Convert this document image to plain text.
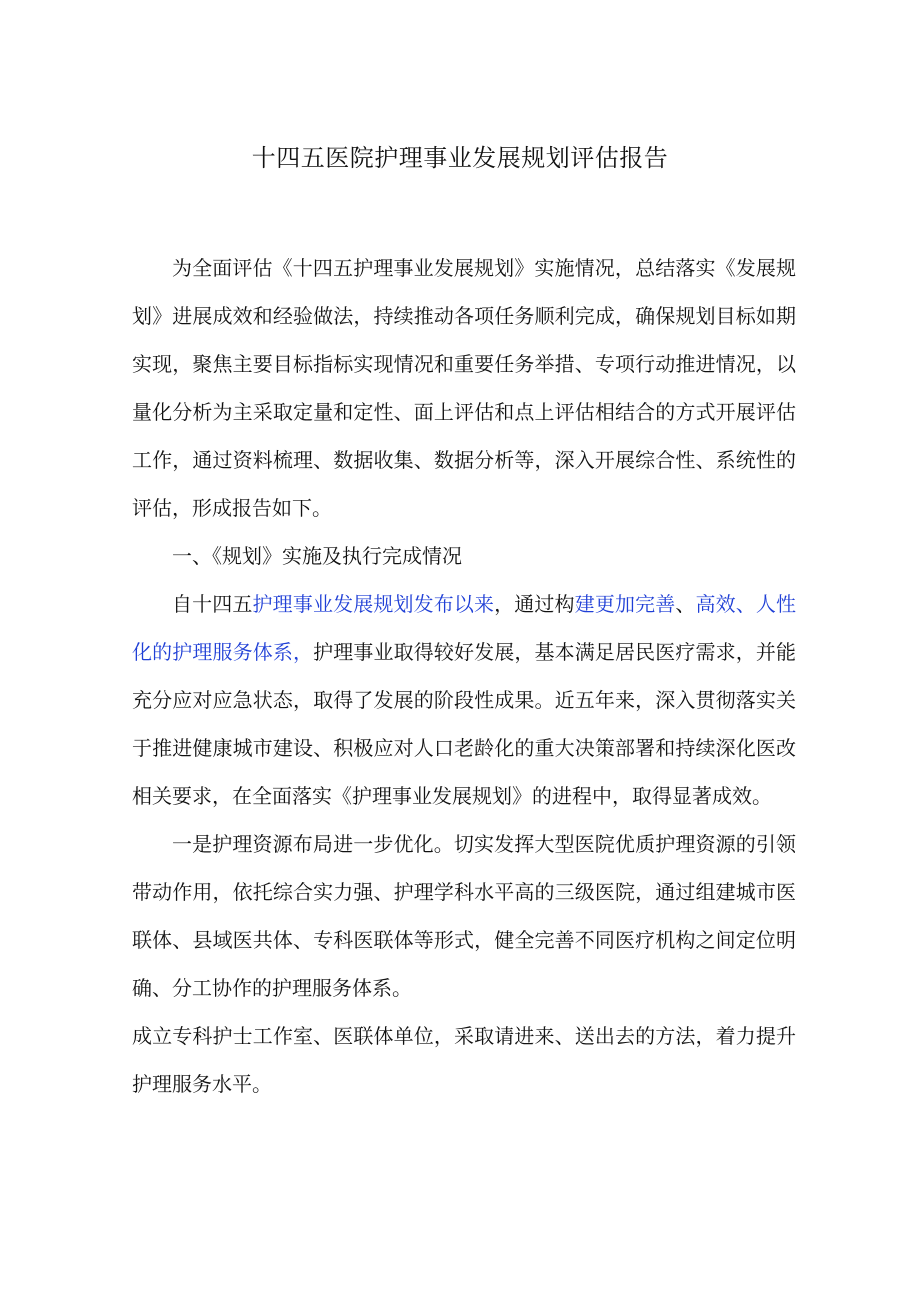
十四五医院护理事业发展规划评估报告

为全面评估《十四五护理事业发展规划》实施情况，总结落实《发展规划》进展成效和经验做法，持续推动各项任务顺利完成，确保规划目标如期实现，聚焦主要目标指标实现情况和重要任务举措、专项行动推进情况，以量化分析为主采取定量和定性、面上评估和点上评估相结合的方式开展评估工作，通过资料梳理、数据收集、数据分析等，深入开展综合性、系统性的评估，形成报告如下。

一、《规划》实施及执行完成情况

自十四五护理事业发展规划发布以来，通过构建更加完善、高效、人性化的护理服务体系，护理事业取得较好发展，基本满足居民医疗需求，并能充分应对应急状态，取得了发展的阶段性成果。近五年来，深入贯彻落实关于推进健康城市建设、积极应对人口老龄化的重大决策部署和持续深化医改相关要求，在全面落实《护理事业发展规划》的进程中，取得显著成效。

一是护理资源布局进一步优化。切实发挥大型医院优质护理资源的引领带动作用，依托综合实力强、护理学科水平高的三级医院，通过组建城市医联体、县域医共体、专科医联体等形式，健全完善不同医疗机构之间定位明确、分工协作的护理服务体系。

成立专科护士工作室、医联体单位，采取请进来、送出去的方法，着力提升护理服务水平。
